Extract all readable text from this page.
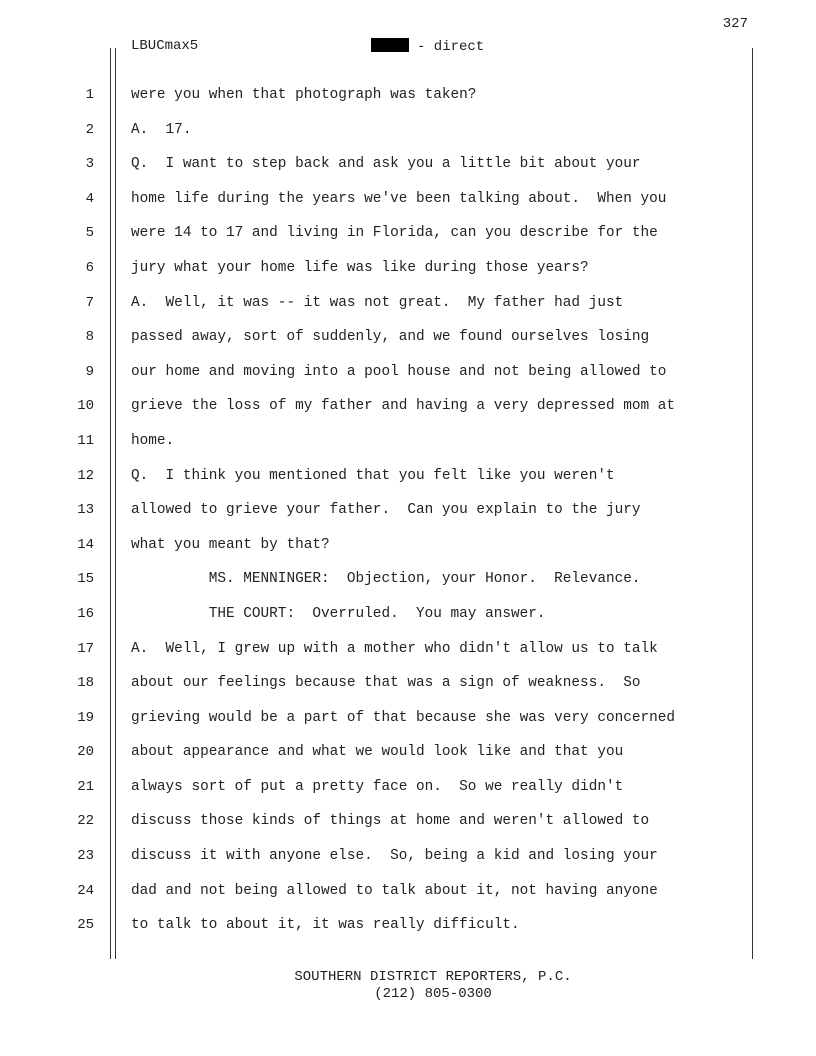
327
LBUCmax5	- direct
1
2
3
4
5
6
7
8
9
10
11
12
13
14
15
16
17
18
19
20
21
22
23
24
25
were you when that photograph was taken?
A.  17.
Q.  I want to step back and ask you a little bit about your
home life during the years we've been talking about.  When you
were 14 to 17 and living in Florida, can you describe for the
jury what your home life was like during those years?
A.  Well, it was -- it was not great.  My father had just
passed away, sort of suddenly, and we found ourselves losing
our home and moving into a pool house and not being allowed to
grieve the loss of my father and having a very depressed mom at
home.
Q.  I think you mentioned that you felt like you weren't
allowed to grieve your father.  Can you explain to the jury
what you meant by that?
MS. MENNINGER:  Objection, your Honor.  Relevance.
THE COURT:  Overruled.  You may answer.
A.  Well, I grew up with a mother who didn't allow us to talk
about our feelings because that was a sign of weakness.  So
grieving would be a part of that because she was very concerned
about appearance and what we would look like and that you
always sort of put a pretty face on.  So we really didn't
discuss those kinds of things at home and weren't allowed to
discuss it with anyone else.  So, being a kid and losing your
dad and not being allowed to talk about it, not having anyone
to talk to about it, it was really difficult.
SOUTHERN DISTRICT REPORTERS, P.C.
(212) 805-0300
